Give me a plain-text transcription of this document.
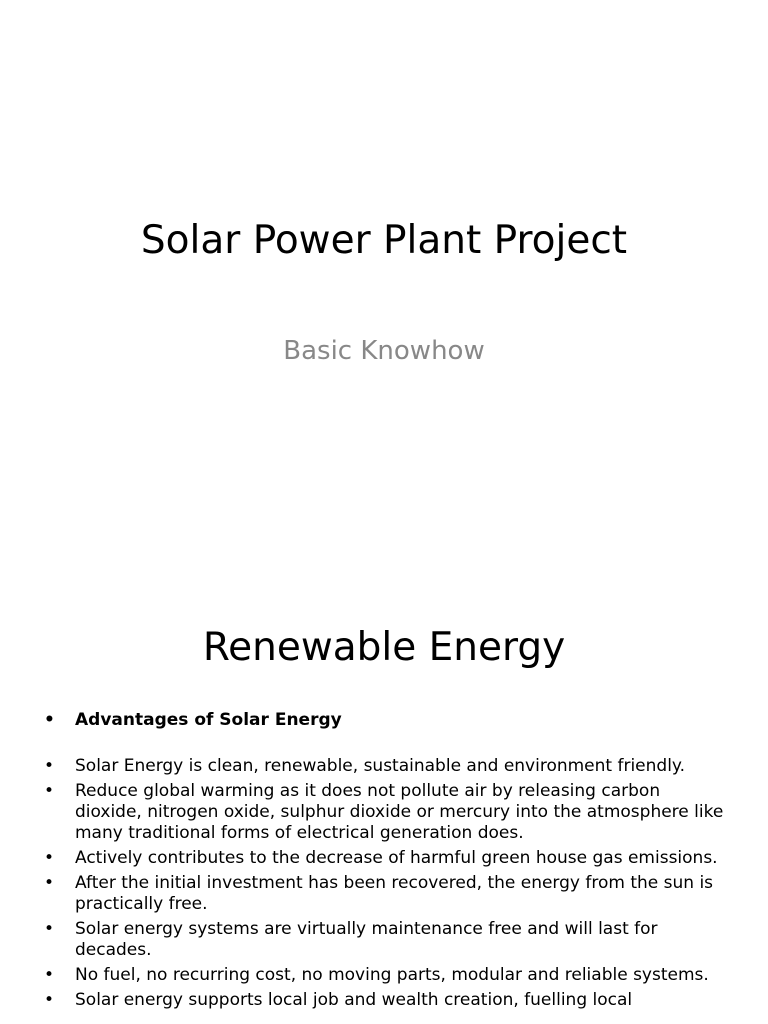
Solar Power Plant Project
Basic Knowhow
Renewable Energy
• Advantages of Solar Energy
• Solar Energy is clean, renewable, sustainable and environment friendly.
• Reduce global warming as it does not pollute air by releasing carbon dioxide, nitrogen oxide, sulphur dioxide or mercury into the atmosphere like many traditional forms of electrical generation does.
• Actively contributes to the decrease of harmful green house gas emissions.
• After the initial investment has been recovered, the energy from the sun is practically free.
• Solar energy systems are virtually maintenance free and will last for decades.
• No fuel, no recurring cost, no moving parts, modular and reliable systems.
• Solar energy supports local job and wealth creation, fuelling local
